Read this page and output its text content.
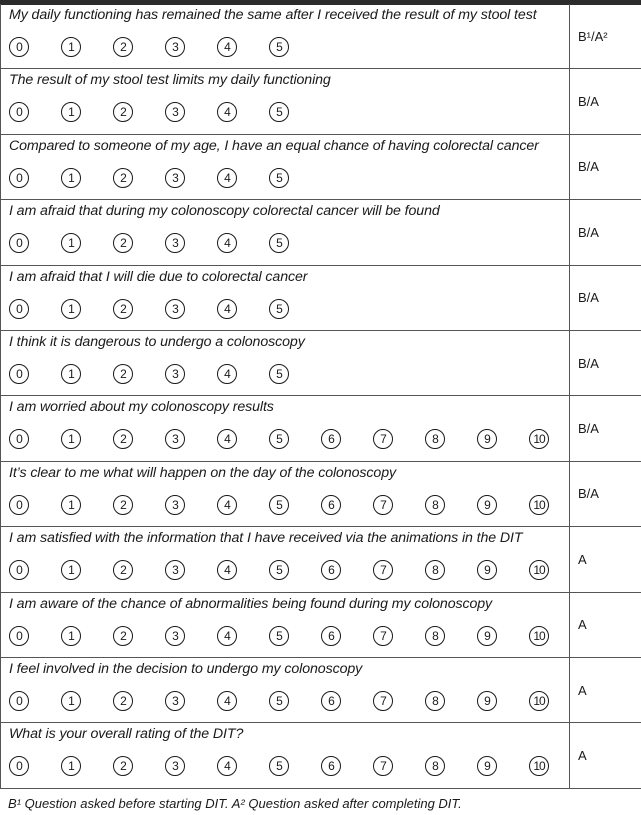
My daily functioning has remained the same after I received the result of my stool test
0	1	2	3	4	5
B¹/A²
The result of my stool test limits my daily functioning
0	1	2	3	4	5
B/A
Compared to someone of my age, I have an equal chance of having colorectal cancer
0	1	2	3	4	5
B/A
I am afraid that during my colonoscopy colorectal cancer will be found
0	1	2	3	4	5
B/A
I am afraid that I will die due to colorectal cancer
0	1	2	3	4	5
B/A
I think it is dangerous to undergo a colonoscopy
0	1	2	3	4	5
B/A
I am worried about my colonoscopy results
0	1	2	3	4	5	6	7	8	9	10
B/A
It’s clear to me what will happen on the day of the colonoscopy
0	1	2	3	4	5	6	7	8	9	10
B/A
I am satisfied with the information that I have received via the animations in the DIT
0	1	2	3	4	5	6	7	8	9	10
A
I am aware of the chance of abnormalities being found during my colonoscopy
0	1	2	3	4	5	6	7	8	9	10
A
I feel involved in the decision to undergo my colonoscopy
0	1	2	3	4	5	6	7	8	9	10
A
What is your overall rating of the DIT?
0	1	2	3	4	5	6	7	8	9	10
A
B¹ Question asked before starting DIT. A² Question asked after completing DIT.
